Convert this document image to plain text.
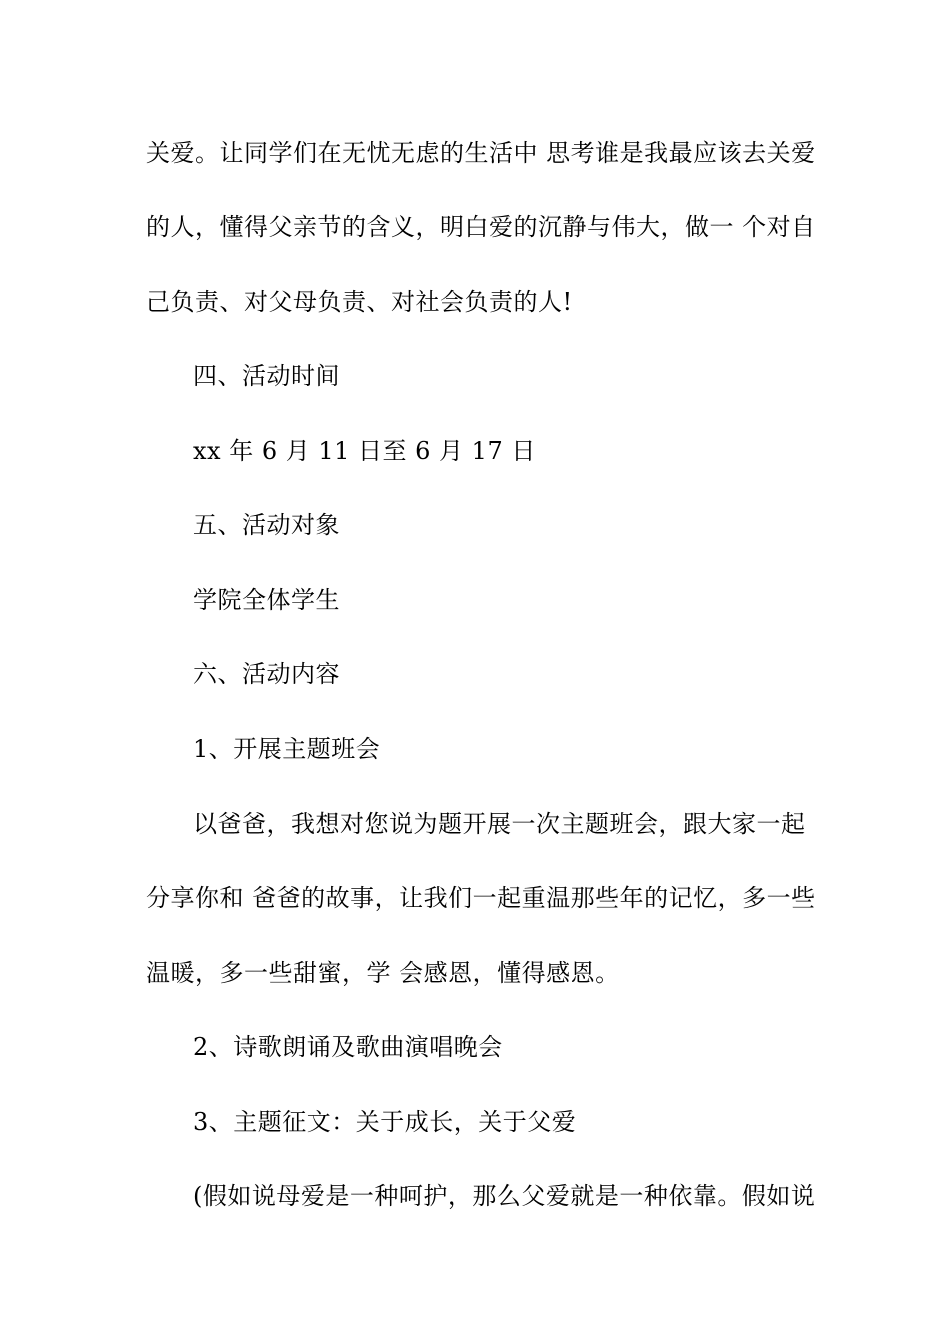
关爱。让同学们在无忧无虑的生活中 思考谁是我最应该去关爱
的人，懂得父亲节的含义，明白爱的沉静与伟大，做一 个对自
己负责、对父母负责、对社会负责的人!
四、活动时间
xx 年 6 月 11 日至 6 月 17 日
五、活动对象
学院全体学生
六、活动内容
1、开展主题班会
以爸爸，我想对您说为题开展一次主题班会，跟大家一起
分享你和 爸爸的故事，让我们一起重温那些年的记忆，多一些
温暖，多一些甜蜜，学 会感恩，懂得感恩。
2、诗歌朗诵及歌曲演唱晚会
3、主题征文：关于成长，关于父爱
(假如说母爱是一种呵护，那么父爱就是一种依靠。假如说
